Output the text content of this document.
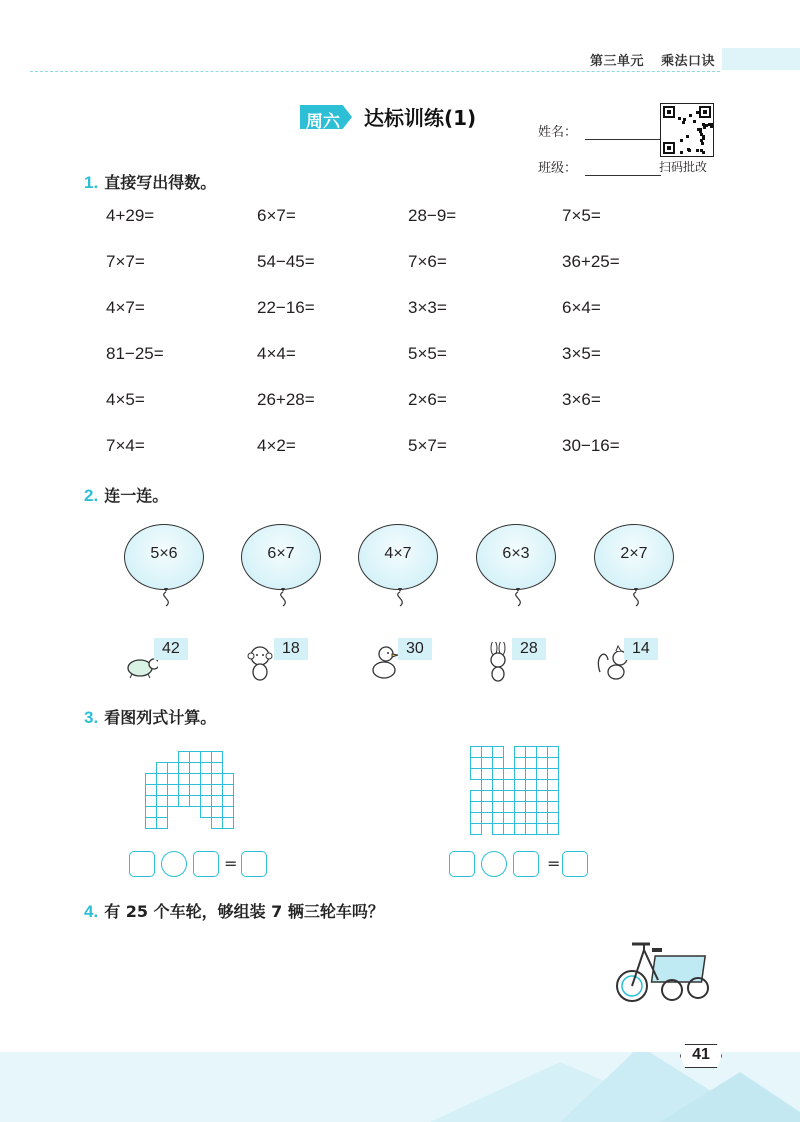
第三单元 乘法口诀
周六 达标训练(1)
姓名：
班级：	扫码批改
1. 直接写出得数。
4+29=	6×7=	28−9=	7×5=
7×7=	54−45=	7×6=	36+25=
4×7=	22−16=	3×3=	6×4=
81−25=	4×4=	5×5=	3×5=
4×5=	26+28=	2×6=	3×6=
7×4=	4×2=	5×7=	30−16=
2. 连一连。
5×6	6×7	4×7	6×3	2×7
42	18	30	28	14
3. 看图列式计算。
=	=
4. 有 25 个车轮，够组装 7 辆三轮车吗？
41
